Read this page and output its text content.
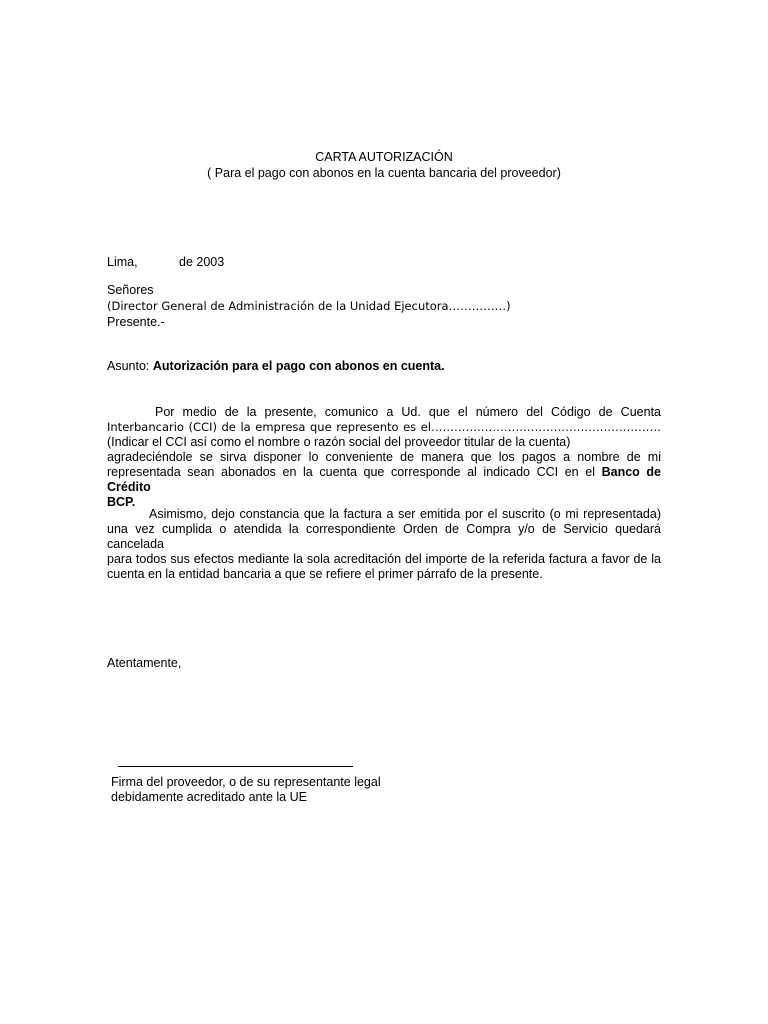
CARTA AUTORIZACIÓN
( Para el pago con abonos en la cuenta bancaria del proveedor)
Lima,	de 2003
Señores
(Director General de Administración de la Unidad Ejecutora……………)
Presente.-
Asunto: Autorización para el pago con abonos en cuenta.
Por medio de la presente, comunico a Ud. que el número del Código de Cuenta
Interbancario (CCI) de la empresa que represento es el……………………………………………………
(Indicar el CCI así como el nombre o razón social del proveedor titular de la cuenta)
agradeciéndole se sirva disponer lo conveniente de manera que los pagos a nombre de mi
representada sean abonados en la cuenta que corresponde al indicado CCI en el Banco de Crédito
BCP.
Asimismo, dejo constancia que la factura a ser emitida por el suscrito (o mi representada)
una vez cumplida o atendida la correspondiente Orden de Compra y/o de Servicio quedará cancelada
para todos sus efectos mediante la sola acreditación del importe de la referida factura a favor de la
cuenta en la entidad bancaria a que se refiere el primer párrafo de la presente.
Atentamente,
Firma del proveedor, o de su representante legal
debidamente acreditado ante la UE
